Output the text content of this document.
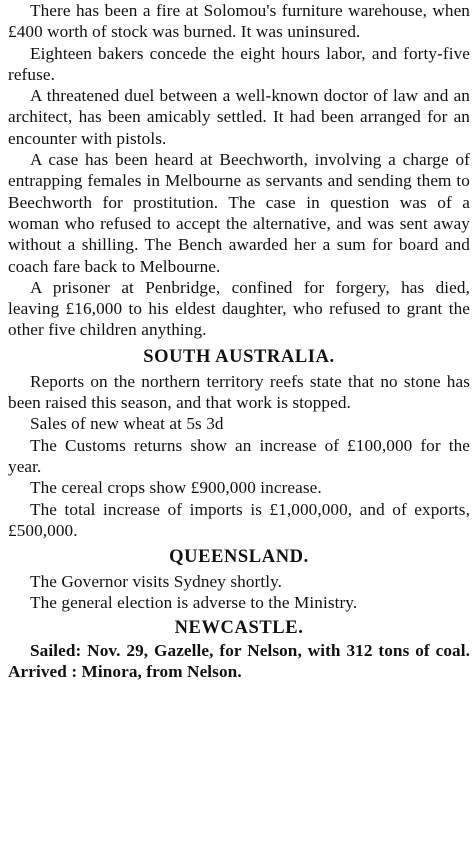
There has been a fire at Solomou's furniture warehouse, when £400 worth of stock was burned. It was uninsured.

Eighteen bakers concede the eight hours labor, and forty-five refuse.

A threatened duel between a well-known doctor of law and an architect, has been amicably settled. It had been arranged for an encounter with pistols.

A case has been heard at Beechworth, involving a charge of entrapping females in Melbourne as servants and sending them to Beechworth for prostitution. The case in question was of a woman who refused to accept the alternative, and was sent away without a shilling. The Bench awarded her a sum for board and coach fare back to Melbourne.

A prisoner at Penbridge, confined for forgery, has died, leaving £16,000 to his eldest daughter, who refused to grant the other five children anything.

SOUTH AUSTRALIA.

Reports on the northern territory reefs state that no stone has been raised this season, and that work is stopped.

Sales of new wheat at 5s 3d

The Customs returns show an increase of £100,000 for the year.

The cereal crops show £900,000 increase.

The total increase of imports is £1,000,000, and of exports, £500,000.

QUEENSLAND.

The Governor visits Sydney shortly.

The general election is adverse to the Ministry.

NEWCASTLE.

Sailed: Nov. 29, Gazelle, for Nelson, with 312 tons of coal. Arrived : Minora, from Nelson.
